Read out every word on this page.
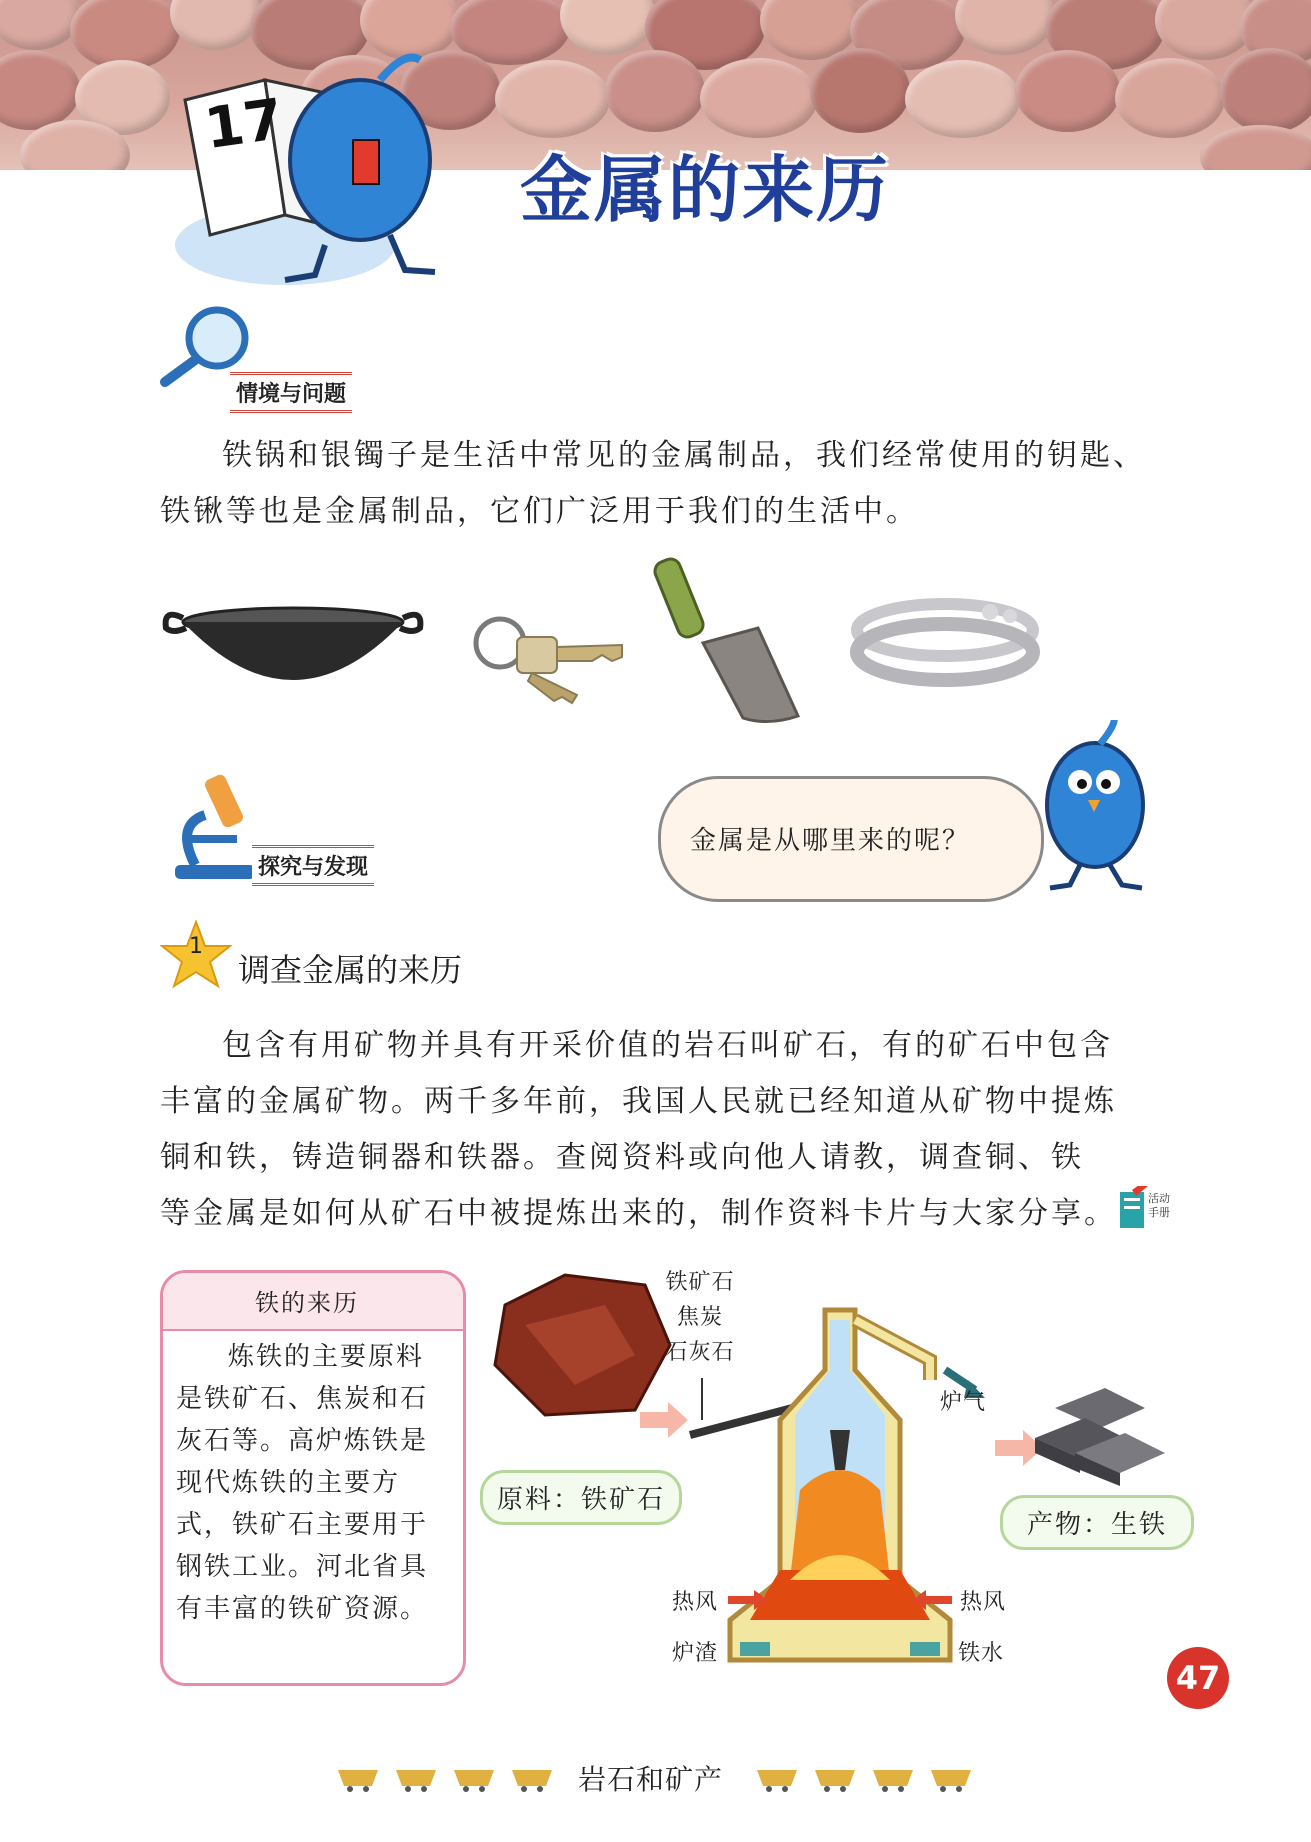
17
金属的来历
情境与问题
铁锅和银镯子是生活中常见的金属制品，我们经常使用的钥匙、
铁锹等也是金属制品，它们广泛用于我们的生活中。
探究与发现
金属是从哪里来的呢？
1
调查金属的来历
包含有用矿物并具有开采价值的岩石叫矿石，有的矿石中包含
丰富的金属矿物。两千多年前，我国人民就已经知道从矿物中提炼
铜和铁，铸造铜器和铁器。查阅资料或向他人请教，调查铜、铁
等金属是如何从矿石中被提炼出来的，制作资料卡片与大家分享。	活动
手册
铁的来历
炼铁的主要原料是铁矿石、焦炭和石灰石等。高炉炼铁是现代炼铁的主要方式，铁矿石主要用于钢铁工业。河北省具有丰富的铁矿资源。
原料：铁矿石
铁矿石
焦炭
石灰石
炉气
热风	热风
炉渣	铁水
产物：生铁
47
岩石和矿产
